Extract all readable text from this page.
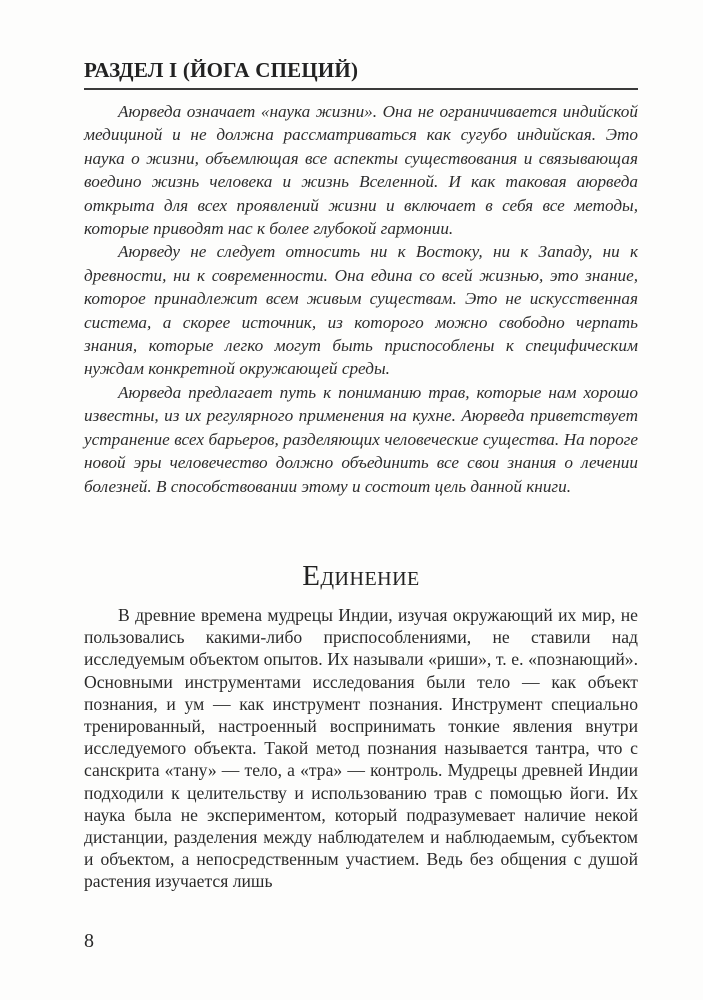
РАЗДЕЛ I (ЙОГА СПЕЦИЙ)

Аюрведа означает «наука жизни». Она не ограничивается индийской медициной и не должна рассматриваться как сугубо индийская. Это наука о жизни, объемлющая все аспекты существования и связывающая воедино жизнь человека и жизнь Вселенной. И как таковая аюрведа открыта для всех проявлений жизни и включает в себя все методы, которые приводят нас к более глубокой гармонии.

Аюрведу не следует относить ни к Востоку, ни к Западу, ни к древности, ни к современности. Она едина со всей жизнью, это знание, которое принадлежит всем живым существам. Это не искусственная система, а скорее источник, из которого можно свободно черпать знания, которые легко могут быть приспособлены к специфическим нуждам конкретной окружающей среды.

Аюрведа предлагает путь к пониманию трав, которые нам хорошо известны, из их регулярного применения на кухне. Аюрведа приветствует устранение всех барьеров, разделяющих человеческие существа. На пороге новой эры человечество должно объединить все свои знания о лечении болезней. В способствовании этому и состоит цель данной книги.

Единение

В древние времена мудрецы Индии, изучая окружающий их мир, не пользовались какими-либо приспособлениями, не ставили над исследуемым объектом опытов. Их называли «риши», т. е. «познающий». Основными инструментами исследования были тело — как объект познания, и ум — как инструмент познания. Инструмент специально тренированный, настроенный воспринимать тонкие явления внутри исследуемого объекта. Такой метод познания называется тантра, что с санскрита «тану» — тело, а «тра» — контроль. Мудрецы древней Индии подходили к целительству и использованию трав с помощью йоги. Их наука была не экспериментом, который подразумевает наличие некой дистанции, разделения между наблюдателем и наблюдаемым, субъектом и объектом, а непосредственным участием. Ведь без общения с душой растения изучается лишь

8
